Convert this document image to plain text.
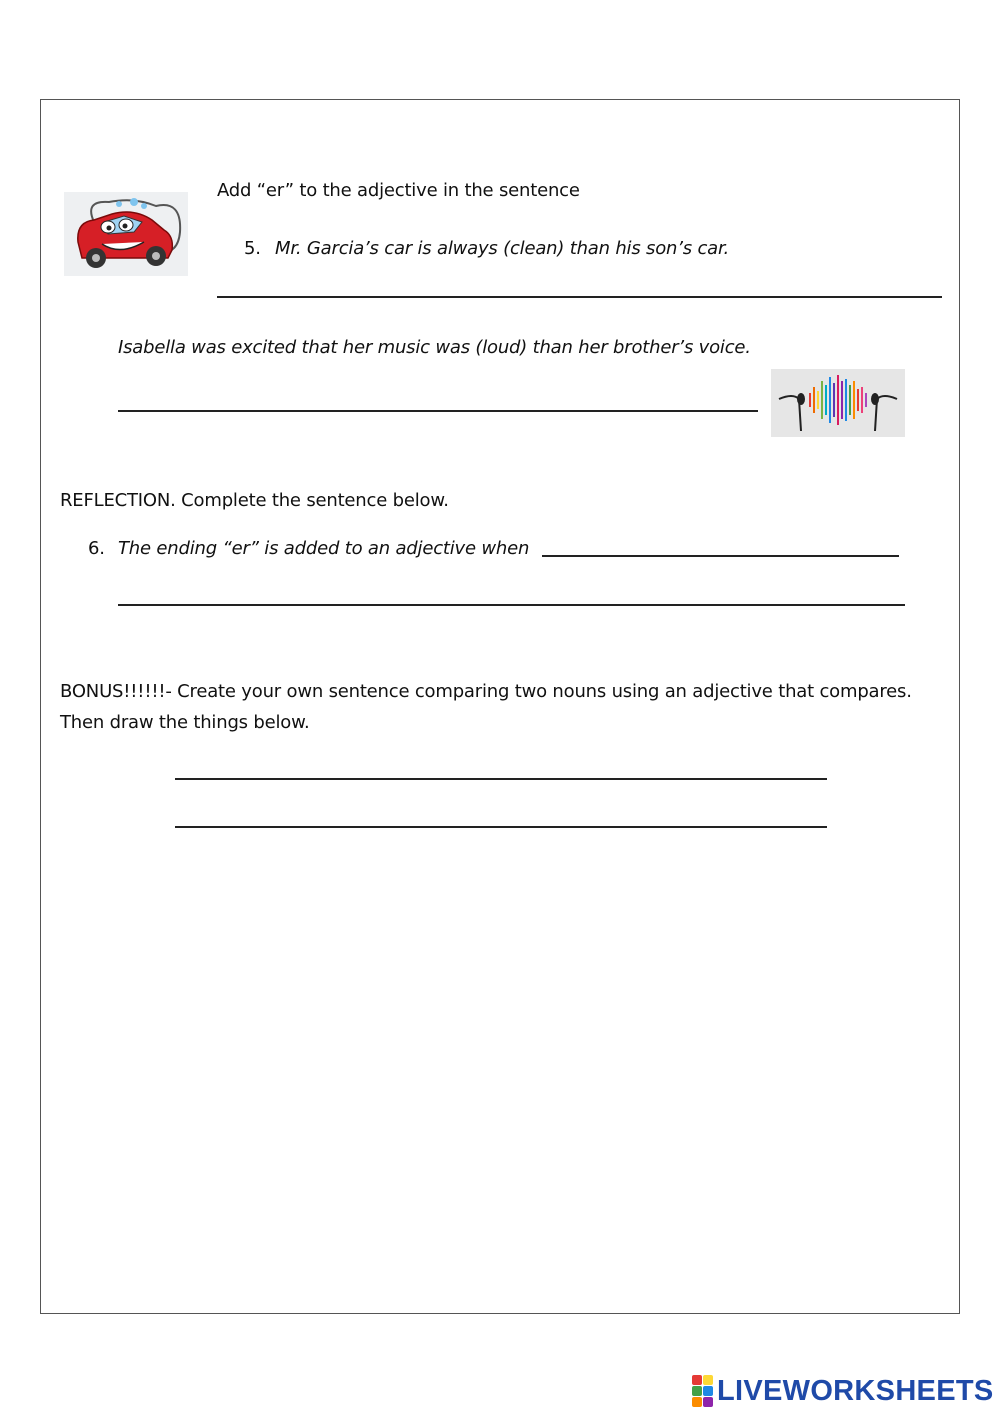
Add “er” to the adjective in the sentence
5. Mr. Garcia’s car is always (clean) than his son’s car.
Isabella was excited that her music was (loud) than her brother’s voice.
REFLECTION. Complete the sentence below.
6. The ending “er” is added to an adjective when
BONUS!!!!!!- Create your own sentence comparing two nouns using an adjective that compares.
Then draw the things below.
LIVEWORKSHEETS
